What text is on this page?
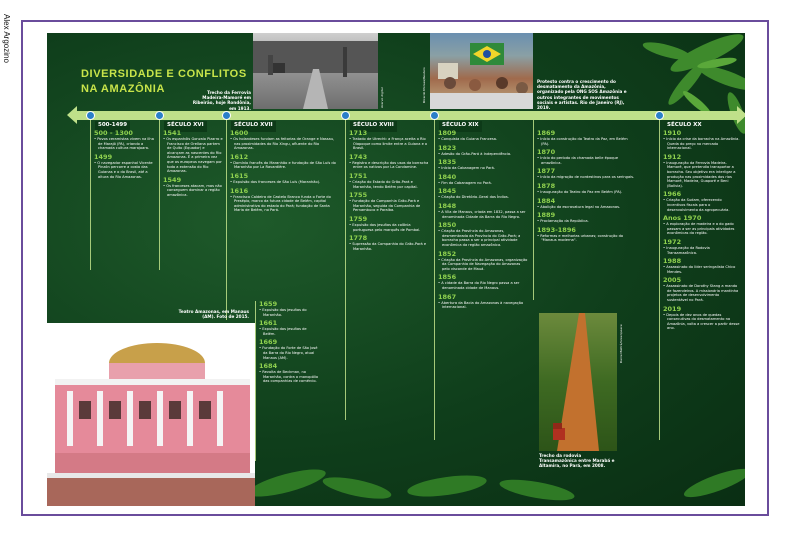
Alex Argozino
DIVERSIDADE E CONFLITOS
NA AMAZÔNIA	Acervo digital
Trecho da Ferrovia Madeira-Mamoré em Ribeirão, hoje Rondônia, em 1913.
Ricardo Moraes/Reuters	Protesto contra o crescimento do desmatamento da Amazônia, organizado pela ONG SOS Amazônia e outros integrantes de movimentos sociais e artistas. Rio de Janeiro (RJ), 2019.
500-1499	SÉCULO XVI	SÉCULO XVII	SÉCULO XVIII	SÉCULO XIX	SÉCULO XX
500 - 1300
• Povos ceramistas vivem na ilha de Marajó (PA), criando a chamada cultura marajoara.
1499
• O navegador espanhol Vicente Pinzón percorre a costa das Guianas e o do Brasil, até a altura do Rio Amazonas.
1541
• Os espanhóis Gonzalo Pizarro e Francisco de Orellana partem de Quito (Equador) e alcançam as nascentes do Rio Amazonas. É a primeira vez que os europeus navegam por toda a extensão do Rio Amazonas.
1549
• Os franceses atacam, mas não conseguem dominar a região amazônica.
1600
• Os holandeses fundam as feitorias de Orange e Nassau, nas proximidades do Rio Xingu, afluente do Rio Amazonas.
1612
• Domínio francês do Maranhão e fundação de São Luís do Maranhão por La Ravardière.
1615
• Expulsão dos franceses de São Luís (Maranhão).
1616
• Francisco Caldeira de Castelo Branco funda o Forte do Presépio, marco da futura cidade de Belém, capital administrativa do estado do Pará; fundação de Santa Maria de Belém, no Pará.
1659
• Expulsão dos jesuítas do Maranhão.
1661
• Expulsão dos jesuítas de Belém.
1669
• Fundação do Forte de São José da Barra do Rio Negro, atual Manaus (AM).
1684
• Revolta de Beckman, no Maranhão, contra o monopólio das companhias de comércio.
1713
• Tratado de Utrecht: a França aceita o Rio Oiapoque como limite entre a Guiana e o Brasil.
1743
• Registro e descrição dos usos da borracha entre os nativos por La Condamine.
1751
• Criação do Estado do Grão-Pará e Maranhão, tendo Belém por capital.
1755
• Fundação da Companhia Grão-Pará e Maranhão, seguida da Companhia de Pernambuco e Paraíba.
1759
• Expulsão dos jesuítas da colônia portuguesa pelo marquês de Pombal.
1778
• Supressão da Companhia do Grão-Pará e Maranhão.
1809
• Conquista da Guiana Francesa.
1823
• Adesão do Grão-Pará à Independência.
1835
• Início da Cabanagem no Pará.
1840
• Fim da Cabanagem no Pará.
1845
• Criação do Diretório-Geral dos Índios.
1848
• A Vila de Manaus, criada em 1832, passa a ser denominada Cidade da Barra do Rio Negro.
1850
• Criação da Província do Amazonas, desmembrada da Província do Grão-Pará; a borracha passa a ser o principal atividade econômica da região amazônica.
1852
• Criação da Província do Amazonas, organização da Companhia de Navegação do Amazonas pelo visconde de Mauá.
1856
• A cidade da Barra do Rio Negro passa a ser denominada cidade de Manaus.
1867
• Abertura da Bacia do Amazonas à navegação internacional.
1869
• Início da construção do Teatro da Paz, em Belém (PA).
1870
• Início do período da chamada belle époque amazônica.
1877
• Início da migração de nordestinos para os seringais.
1878
• Inauguração do Teatro da Paz em Belém (PA).
1884
• Abolição da escravatura legal no Amazonas.
1889
• Proclamação da República.
1893-1896
• Reformas e melhorias urbanas; construção do "Manaus moderna".
1910
• Início da crise da borracha na Amazônia. Queda do preço no mercado internacional.
1912
• Inauguração da Ferrovia Madeira-Mamoré, que pretendia transportar a borracha. Seu objetivo era interligar a produção nas proximidades dos rios Mamoré, Madeira, Guaporé e Beni (Bolívia).
1966
• Criação da Sudam, oferecendo incentivos fiscais para o desenvolvimento da agropecuária.
Anos 1970
• A exploração de madeira e a do gado passam a ser as principais atividades econômicas da região.
1972
• Inauguração da Rodovia Transamazônica.
1988
• Assassinato do líder seringalista Chico Mendes.
2005
• Assassinato de Dorothy Stang a mando de fazendeiros. A missionária mantinha projetos de desenvolvimento sustentável no Pará.
2019
• Depois de dez anos de quedas consecutivas do desmatamento na Amazônia, volta a crescer a partir desse ano.
Daniel Beltrá/Greenpeace
Trecho da rodovia Transamazônica entre Marabá e Altamira, no Pará, em 2008.
Alex Robinson/Alamy
Teatro Amazonas, em Manaus (AM). Foto de 2015.
